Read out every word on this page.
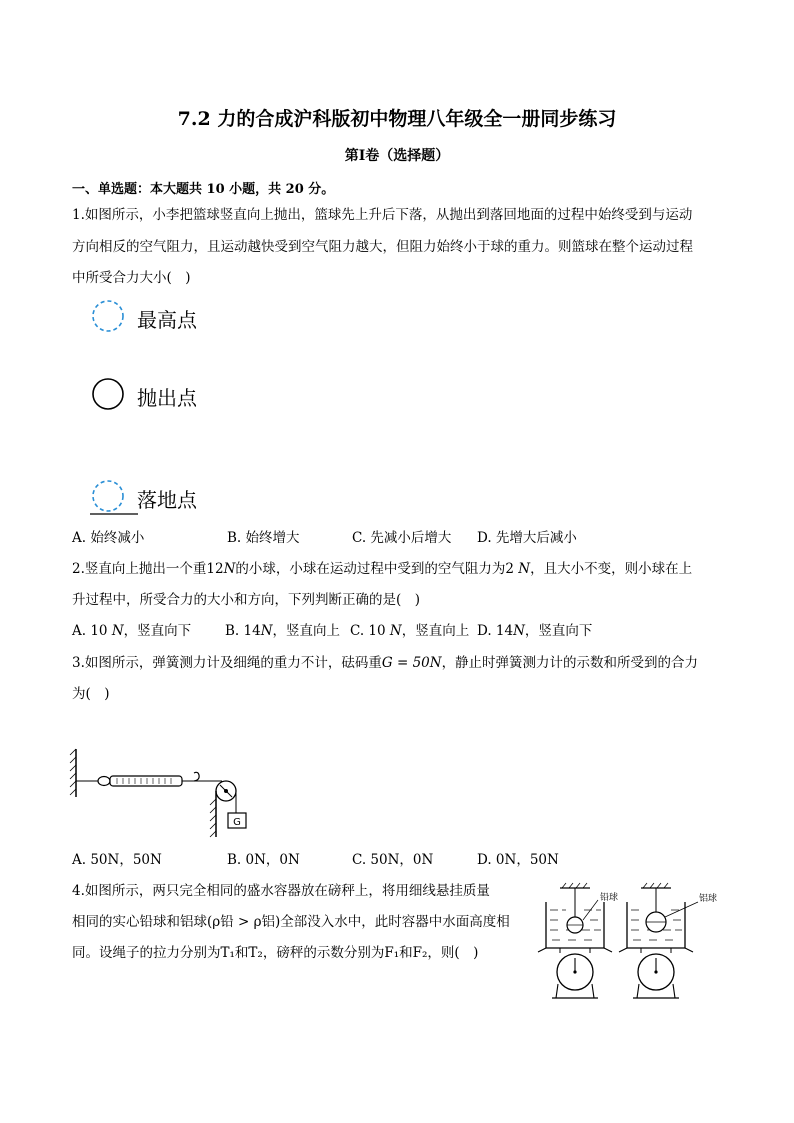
7.2 力的合成沪科版初中物理八年级全一册同步练习
第Ⅰ卷（选择题）
一、单选题：本大题共 10 小题，共 20 分。
1.如图所示，小李把篮球竖直向上抛出，篮球先上升后下落，从抛出到落回地面的过程中始终受到与运动
方向相反的空气阻力，且运动越快受到空气阻力越大，但阻力始终小于球的重力。则篮球在整个运动过程
中所受合力大小(　)
最高点
抛出点
落地点
A. 始终减小	B. 始终增大	C. 先减小后增大 D. 先增大后减小
2.竖直向上抛出一个重12N的小球，小球在运动过程中受到的空气阻力为2 N，且大小不变，则小球在上
升过程中，所受合力的大小和方向，下列判断正确的是(　)
A. 10 N，竖直向下	B. 14N，竖直向上 C. 10 N，竖直向上 D. 14N，竖直向下
3.如图所示，弹簧测力计及细绳的重力不计，砝码重G = 50N，静止时弹簧测力计的示数和所受到的合力
为(　)
G
A. 50N，50N	B. 0N，0N	C. 50N，0N	D. 0N，50N
4.如图所示，两只完全相同的盛水容器放在磅秤上，将用细线悬挂质量
相同的实心铅球和铝球(ρ铅 > ρ铝)全部没入水中，此时容器中水面高度相
同。设绳子的拉力分别为T₁和T₂，磅秤的示数分别为F₁和F₂，则(　)
铅球	铝球
